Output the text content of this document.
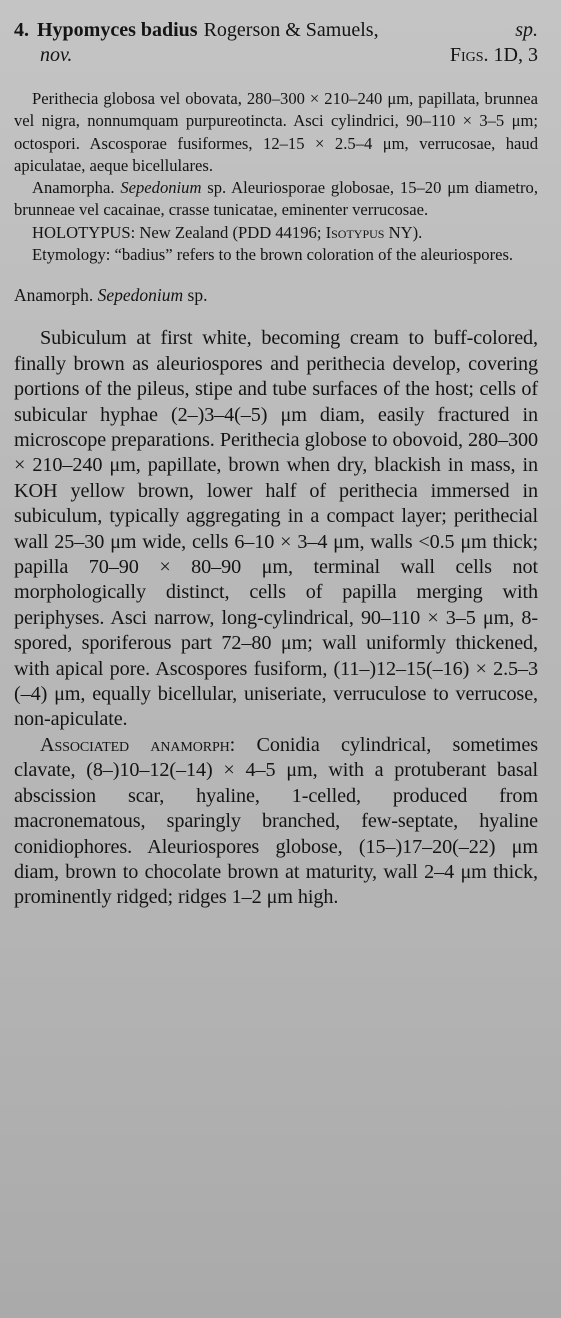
4. Hypomyces badius Rogerson & Samuels,	sp.
nov.	Figs. 1D, 3

Perithecia globosa vel obovata, 280–300 × 210–240 μm, papillata, brunnea vel nigra, nonnumquam purpureotincta. Asci cylindrici, 90–110 × 3–5 μm; octospori. Ascosporae fusiformes, 12–15 × 2.5–4 μm, verrucosae, haud apiculatae, aeque bicellulares.

Anamorpha. Sepedonium sp. Aleuriosporae globosae, 15–20 μm diametro, brunneae vel cacainae, crasse tunicatae, eminenter verrucosae.

HOLOTYPUS: New Zealand (PDD 44196; Isotypus NY).

Etymology: “badius” refers to the brown coloration of the aleuriospores.

Anamorph. Sepedonium sp.

Subiculum at first white, becoming cream to buff-colored, finally brown as aleuriospores and perithecia develop, covering portions of the pileus, stipe and tube surfaces of the host; cells of subicular hyphae (2–)3–4(–5) μm diam, easily fractured in microscope preparations. Perithecia globose to obovoid, 280–300 × 210–240 μm, papillate, brown when dry, blackish in mass, in KOH yellow brown, lower half of perithecia immersed in subiculum, typically aggregating in a compact layer; perithecial wall 25–30 μm wide, cells 6–10 × 3–4 μm, walls <0.5 μm thick; papilla 70–90 × 80–90 μm, terminal wall cells not morphologically distinct, cells of papilla merging with periphyses. Asci narrow, long-cylindrical, 90–110 × 3–5 μm, 8-spored, sporiferous part 72–80 μm; wall uniformly thickened, with apical pore. Ascospores fusiform, (11–)12–15(–16) × 2.5–3 (–4) μm, equally bicellular, uniseriate, verruculose to verrucose, non-apiculate.

Associated anamorph: Conidia cylindrical, sometimes clavate, (8–)10–12(–14) × 4–5 μm, with a protuberant basal abscission scar, hyaline, 1-celled, produced from macronematous, sparingly branched, few-septate, hyaline conidiophores. Aleuriospores globose, (15–)17–20(–22) μm diam, brown to chocolate brown at maturity, wall 2–4 μm thick, prominently ridged; ridges 1–2 μm high.
